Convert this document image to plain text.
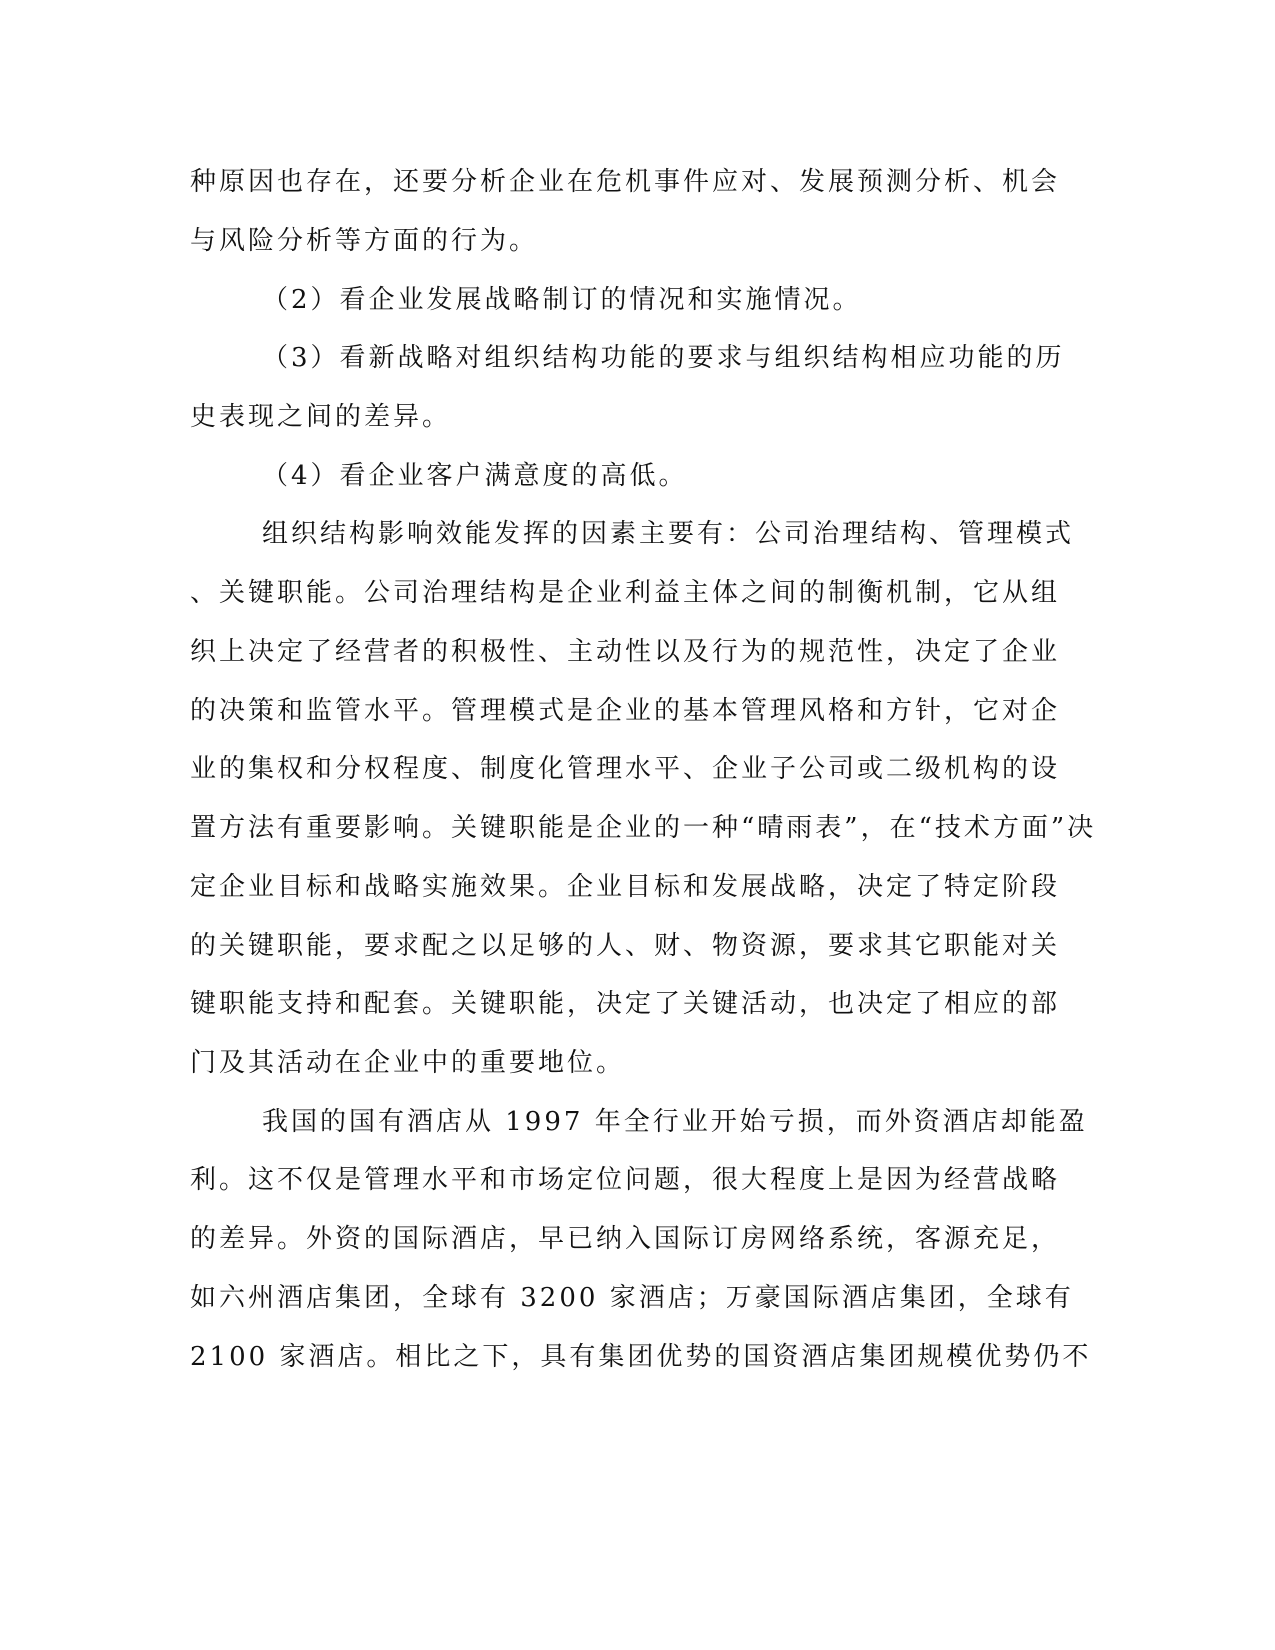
种原因也存在，还要分析企业在危机事件应对、发展预测分析、机会
与风险分析等方面的行为。
（2）看企业发展战略制订的情况和实施情况。
（3）看新战略对组织结构功能的要求与组织结构相应功能的历
史表现之间的差异。
（4）看企业客户满意度的高低。
组织结构影响效能发挥的因素主要有：公司治理结构、管理模式
、关键职能。公司治理结构是企业利益主体之间的制衡机制，它从组
织上决定了经营者的积极性、主动性以及行为的规范性，决定了企业
的决策和监管水平。管理模式是企业的基本管理风格和方针，它对企
业的集权和分权程度、制度化管理水平、企业子公司或二级机构的设
置方法有重要影响。关键职能是企业的一种“晴雨表”，在“技术方面”决
定企业目标和战略实施效果。企业目标和发展战略，决定了特定阶段
的关键职能，要求配之以足够的人、财、物资源，要求其它职能对关
键职能支持和配套。关键职能，决定了关键活动，也决定了相应的部
门及其活动在企业中的重要地位。
我国的国有酒店从 1997 年全行业开始亏损，而外资酒店却能盈
利。这不仅是管理水平和市场定位问题，很大程度上是因为经营战略
的差异。外资的国际酒店，早已纳入国际订房网络系统，客源充足，
如六州酒店集团，全球有 3200 家酒店；万豪国际酒店集团，全球有
2100 家酒店。相比之下，具有集团优势的国资酒店集团规模优势仍不
